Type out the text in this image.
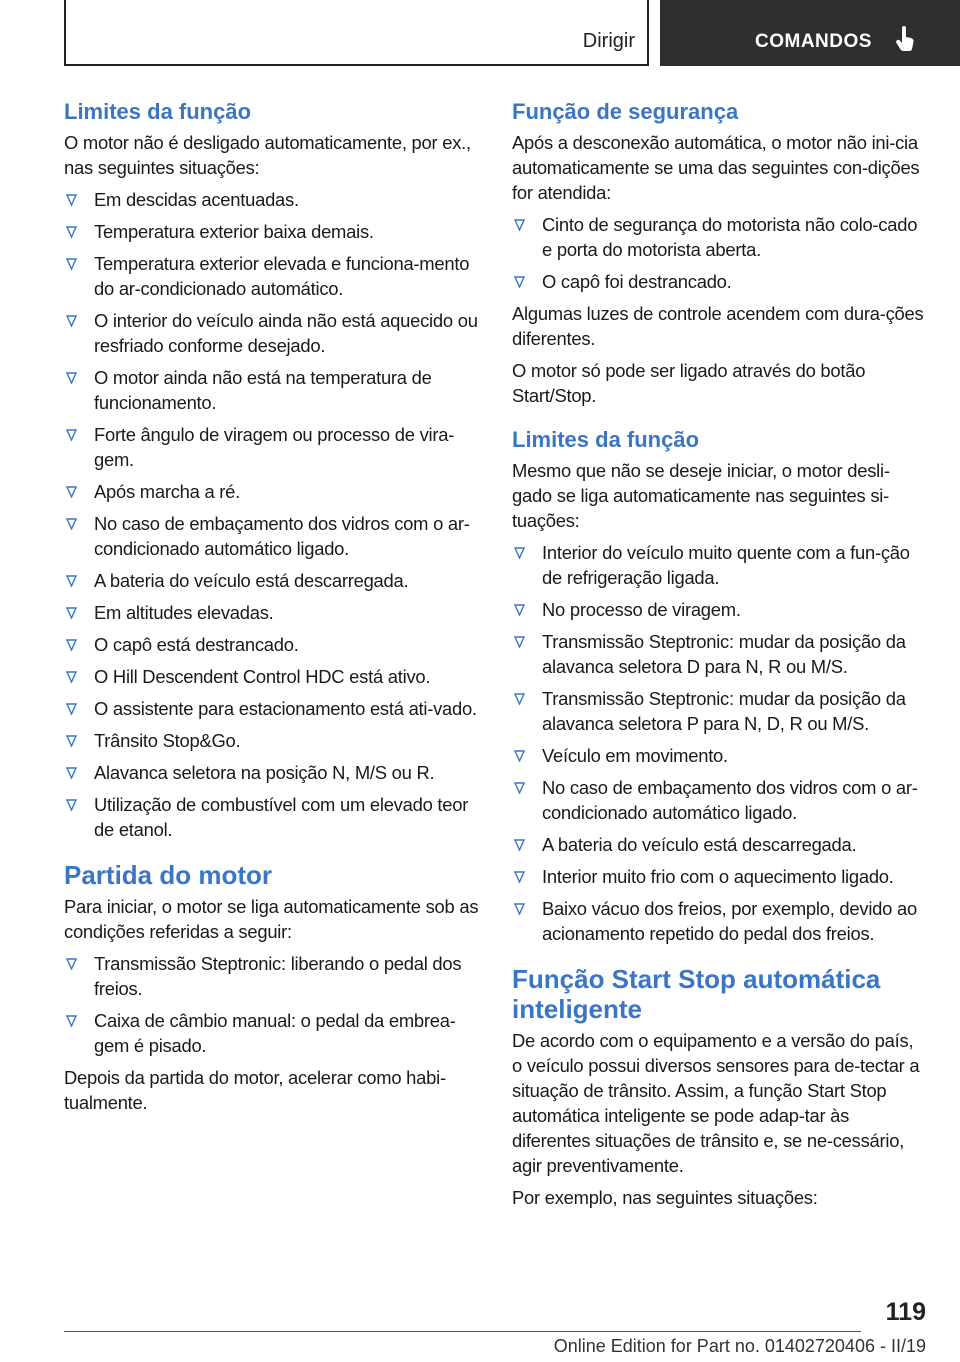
Dirigir	COMANDOS
Limites da função
O motor não é desligado automaticamente, por ex., nas seguintes situações:
Em descidas acentuadas.
Temperatura exterior baixa demais.
Temperatura exterior elevada e funciona-mento do ar-condicionado automático.
O interior do veículo ainda não está aquecido ou resfriado conforme desejado.
O motor ainda não está na temperatura de funcionamento.
Forte ângulo de viragem ou processo de vira-gem.
Após marcha a ré.
No caso de embaçamento dos vidros com o ar-condicionado automático ligado.
A bateria do veículo está descarregada.
Em altitudes elevadas.
O capô está destrancado.
O Hill Descendent Control HDC está ativo.
O assistente para estacionamento está ati-vado.
Trânsito Stop&Go.
Alavanca seletora na posição N, M/S ou R.
Utilização de combustível com um elevado teor de etanol.
Partida do motor
Para iniciar, o motor se liga automaticamente sob as condições referidas a seguir:
Transmissão Steptronic: liberando o pedal dos freios.
Caixa de câmbio manual: o pedal da embrea-gem é pisado.
Depois da partida do motor, acelerar como habi-tualmente.
Função de segurança
Após a desconexão automática, o motor não ini-cia automaticamente se uma das seguintes con-dições for atendida:
Cinto de segurança do motorista não colo-cado e porta do motorista aberta.
O capô foi destrancado.
Algumas luzes de controle acendem com dura-ções diferentes.
O motor só pode ser ligado através do botão Start/Stop.
Limites da função
Mesmo que não se deseje iniciar, o motor desli-gado se liga automaticamente nas seguintes si-tuações:
Interior do veículo muito quente com a fun-ção de refrigeração ligada.
No processo de viragem.
Transmissão Steptronic: mudar da posição da alavanca seletora D para N, R ou M/S.
Transmissão Steptronic: mudar da posição da alavanca seletora P para N, D, R ou M/S.
Veículo em movimento.
No caso de embaçamento dos vidros com o ar-condicionado automático ligado.
A bateria do veículo está descarregada.
Interior muito frio com o aquecimento ligado.
Baixo vácuo dos freios, por exemplo, devido ao acionamento repetido do pedal dos freios.
Função Start Stop automática inteligente
De acordo com o equipamento e a versão do país, o veículo possui diversos sensores para de-tectar a situação de trânsito. Assim, a função Start Stop automática inteligente se pode adap-tar às diferentes situações de trânsito e, se ne-cessário, agir preventivamente.
Por exemplo, nas seguintes situações:
119
Online Edition for Part no. 01402720406 - II/19
